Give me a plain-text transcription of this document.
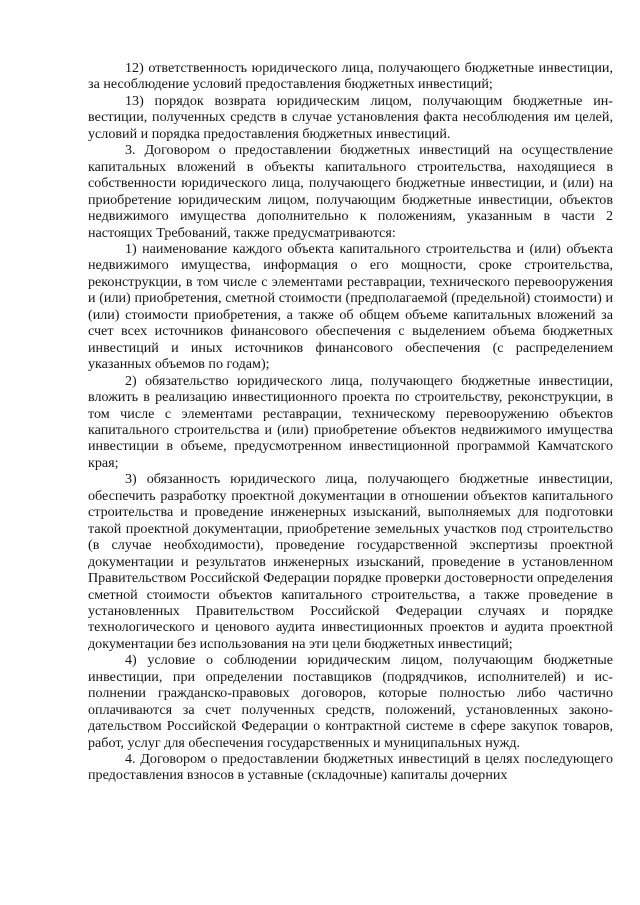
12) ответственность юридического лица, получающего бюджетные инвестиции, за несоблюдение условий предоставления бюджетных инвестиций;

13) порядок возврата юридическим лицом, получающим бюджетные инвестиции, полученных средств в случае установления факта несоблюдения им целей, условий и порядка предоставления бюджетных инвестиций.

3. Договором о предоставлении бюджетных инвестиций на осуществление капитальных вложений в объекты капитального строительства, находящиеся в собственности юридического лица, получающего бюджетные инвестиции, и (или) на приобретение юридическим лицом, получающим бюджетные инвестиции, объектов недвижимого имущества дополнительно к положениям, указанным в части 2 настоящих Требований, также предусматриваются:

1) наименование каждого объекта капитального строительства и (или) объекта недвижимого имущества, информация о его мощности, сроке строительства, реконструкции, в том числе с элементами реставрации, технического перевооружения и (или) приобретения, сметной стоимости (предполагаемой (предельной) стоимости) и (или) стоимости приобретения, а также об общем объеме капитальных вложений за счет всех источников финансового обеспечения с выделением объема бюджетных инвестиций и иных источников финансового обеспечения (с распределением указанных объемов по годам);

2) обязательство юридического лица, получающего бюджетные инвестиции, вложить в реализацию инвестиционного проекта по строительству, реконструкции, в том числе с элементами реставрации, техническому перевооружению объектов капитального строительства и (или) приобретение объектов недвижимого имущества инвестиции в объеме, предусмотренном инвестиционной программой Камчатского края;

3) обязанность юридического лица, получающего бюджетные инвестиции, обеспечить разработку проектной документации в отношении объектов капитального строительства и проведение инженерных изысканий, выполняемых для подготовки такой проектной документации, приобретение земельных участков под строительство (в случае необходимости), проведение государственной экспертизы проектной документации и результатов инженерных изысканий, проведение в установленном Правительством Российской Федерации порядке проверки достоверности определения сметной стоимости объектов капитального строительства, а также проведение в установленных Правительством Российской Федерации случаях и порядке технологического и ценового аудита инвестиционных проектов и аудита проектной документации без использования на эти цели бюджетных инвестиций;

4) условие о соблюдении юридическим лицом, получающим бюджетные инвестиции, при определении поставщиков (подрядчиков, исполнителей) и исполнении гражданско-правовых договоров, которые полностью либо частично оплачиваются за счет полученных средств, положений, установленных законодательством Российской Федерации о контрактной системе в сфере закупок товаров, работ, услуг для обеспечения государственных и муниципальных нужд.

4. Договором о предоставлении бюджетных инвестиций в целях последующего предоставления взносов в уставные (складочные) капиталы дочерних
